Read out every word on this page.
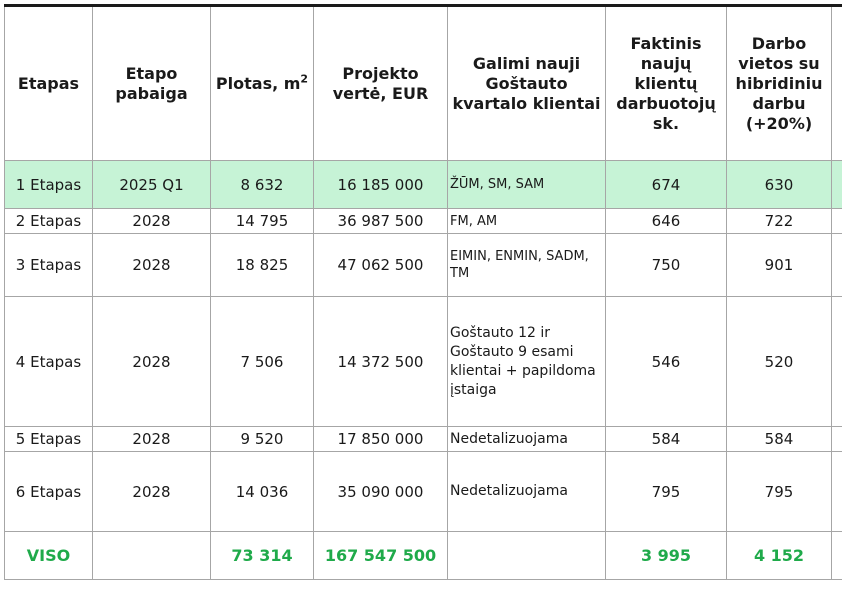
Etapas	Etapo pabaiga	Plotas, $m^2$	Projekto vertė, EUR	Galimi nauji Goštauto kvartalo klientai	Faktinis naujų klientų darbuotojų sk.	Darbo vietos su hibridiniu darbu (+20%)	
1 Etapas	2025 Q1	8 632	16 185 000	ŽŪM, SM, SAM	674	630	
2 Etapas	2028	14 795	36 987 500	FM, AM	646	722	
3 Etapas	2028	18 825	47 062 500	EIMIN, ENMIN, SADM, TM	750	901	
4 Etapas	2028	7 506	14 372 500	Goštauto 12 ir Goštauto 9 esami klientai + papildoma įstaiga	546	520	
5 Etapas	2028	9 520	17 850 000	Nedetalizuojama	584	584	
6 Etapas	2028	14 036	35 090 000	Nedetalizuojama	795	795	
VISO		73 314	167 547 500		3 995	4 152	
